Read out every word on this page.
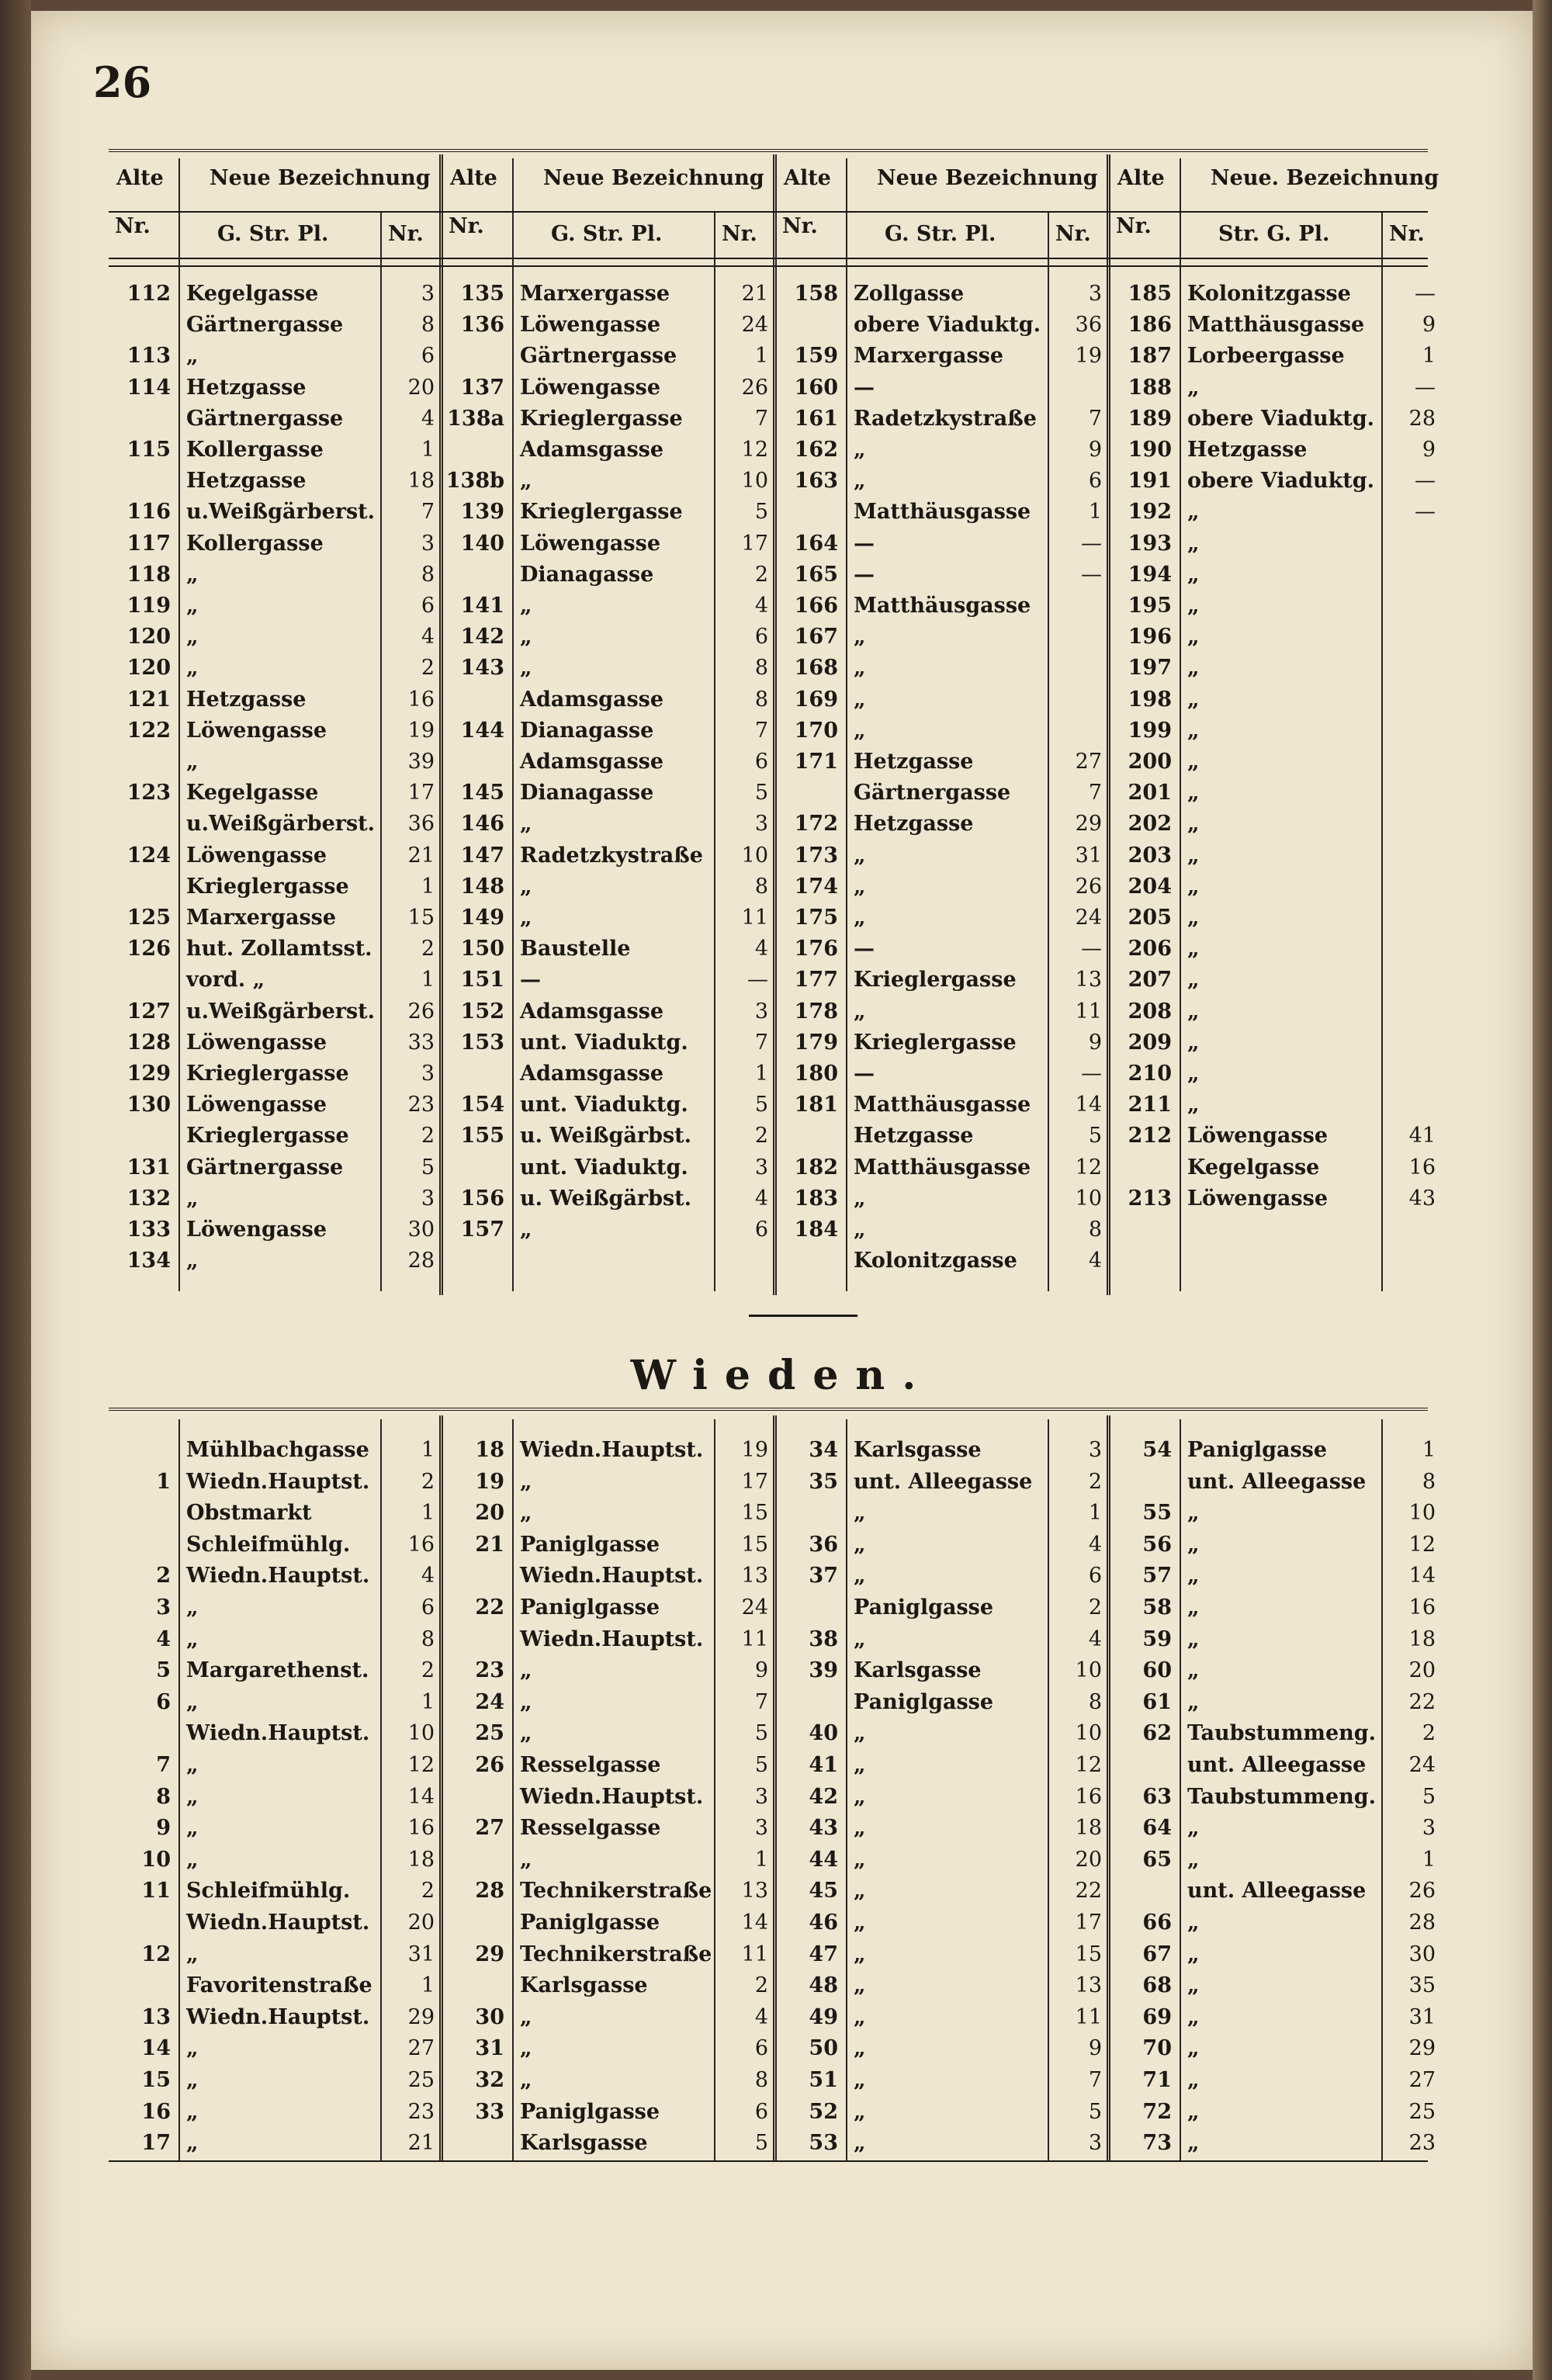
26
Alte
Nr.
Neue Bezeichnung
G. Str. Pl.	Nr.
Alte
Nr.
Neue Bezeichnung
G. Str. Pl.	Nr.
Alte
Nr.
Neue Bezeichnung
G. Str. Pl.	Nr.
Alte
Nr.
Neue. Bezeichnung
Str. G. Pl.	Nr.
112 Kegelgasse	3
Gärtnergasse	8
113 „	6
114 Hetzgasse	20
Gärtnergasse	4
115 Kollergasse	1
Hetzgasse	18
116 u.Weißgärberst.	7
117 Kollergasse	3
118 „	8
119 „	6
120 „	4
120 „	2
121 Hetzgasse	16
122 Löwengasse	19
„	39
123 Kegelgasse	17
u.Weißgärberst.	36
124 Löwengasse	21
Krieglergasse	1
125 Marxergasse	15
126 hut. Zollamtsst.	2
vord. „	1
127 u.Weißgärberst.	26
128 Löwengasse	33
129 Krieglergasse	3
130 Löwengasse	23
Krieglergasse	2
131 Gärtnergasse	5
132 „	3
133 Löwengasse	30
134 „	28
135 Marxergasse	21
136 Löwengasse	24
Gärtnergasse	1
137 Löwengasse	26
138a Krieglergasse	7
Adamsgasse	12
138b „	10
139 Krieglergasse	5
140 Löwengasse	17
Dianagasse	2
141 „	4
142 „	6
143 „	8
Adamsgasse	8
144 Dianagasse	7
Adamsgasse	6
145 Dianagasse	5
146 „	3
147 Radetzkystraße	10
148 „	8
149 „	11
150 Baustelle	4
151 —	—
152 Adamsgasse	3
153 unt. Viaduktg.	7
Adamsgasse	1
154 unt. Viaduktg.	5
155 u. Weißgärbst.	2
unt. Viaduktg.	3
156 u. Weißgärbst.	4
157 „	6
158 Zollgasse	3
obere Viaduktg.	36
159 Marxergasse	19
160 —
161 Radetzkystraße	7
162 „	9
163 „	6
Matthäusgasse	1
164 —	—
165 —	—
166 Matthäusgasse
167 „
168 „
169 „
170 „
171 Hetzgasse	27
Gärtnergasse	7
172 Hetzgasse	29
173 „	31
174 „	26
175 „	24
176 —	—
177 Krieglergasse	13
178 „	11
179 Krieglergasse	9
180 —	—
181 Matthäusgasse	14
Hetzgasse	5
182 Matthäusgasse	12
183 „	10
184 „	8
Kolonitzgasse	4
185 Kolonitzgasse	—
186 Matthäusgasse	9
187 Lorbeergasse	1
188 „	—
189 obere Viaduktg.	28
190 Hetzgasse	9
191 obere Viaduktg.	—
192 „	—
193 „
194 „
195 „
196 „
197 „
198 „
199 „
200 „
201 „
202 „
203 „
204 „
205 „
206 „
207 „
208 „
209 „
210 „
211 „
212 Löwengasse	41
Kegelgasse	16
213 Löwengasse	43
Wieden.
Mühlbachgasse	1
1 Wiedn.Hauptst.	2
Obstmarkt	1
Schleifmühlg.	16
2 Wiedn.Hauptst.	4
3 „	6
4 „	8
5 Margarethenst.	2
6 „	1
Wiedn.Hauptst.	10
7 „	12
8 „	14
9 „	16
10 „	18
11 Schleifmühlg.	2
Wiedn.Hauptst.	20
12 „	31
Favoritenstraße	1
13 Wiedn.Hauptst.	29
14 „	27
15 „	25
16 „	23
17 „	21
18 Wiedn.Hauptst.	19
19 „	17
20 „	15
21 Paniglgasse	15
Wiedn.Hauptst.	13
22 Paniglgasse	24
Wiedn.Hauptst.	11
23 „	9
24 „	7
25 „	5
26 Resselgasse	5
Wiedn.Hauptst.	3
27 Resselgasse	3
„	1
28 Technikerstraße	13
Paniglgasse	14
29 Technikerstraße	11
Karlsgasse	2
30 „	4
31 „	6
32 „	8
33 Paniglgasse	6
Karlsgasse	5
34 Karlsgasse	3
35 unt. Alleegasse	2
„	1
36 „	4
37 „	6
Paniglgasse	2
38 „	4
39 Karlsgasse	10
Paniglgasse	8
40 „	10
41 „	12
42 „	16
43 „	18
44 „	20
45 „	22
46 „	17
47 „	15
48 „	13
49 „	11
50 „	9
51 „	7
52 „	5
53 „	3
54 Paniglgasse	1
unt. Alleegasse	8
55 „	10
56 „	12
57 „	14
58 „	16
59 „	18
60 „	20
61 „	22
62 Taubstummeng.	2
unt. Alleegasse	24
63 Taubstummeng.	5
64 „	3
65 „	1
unt. Alleegasse	26
66 „	28
67 „	30
68 „	35
69 „	31
70 „	29
71 „	27
72 „	25
73 „	23
